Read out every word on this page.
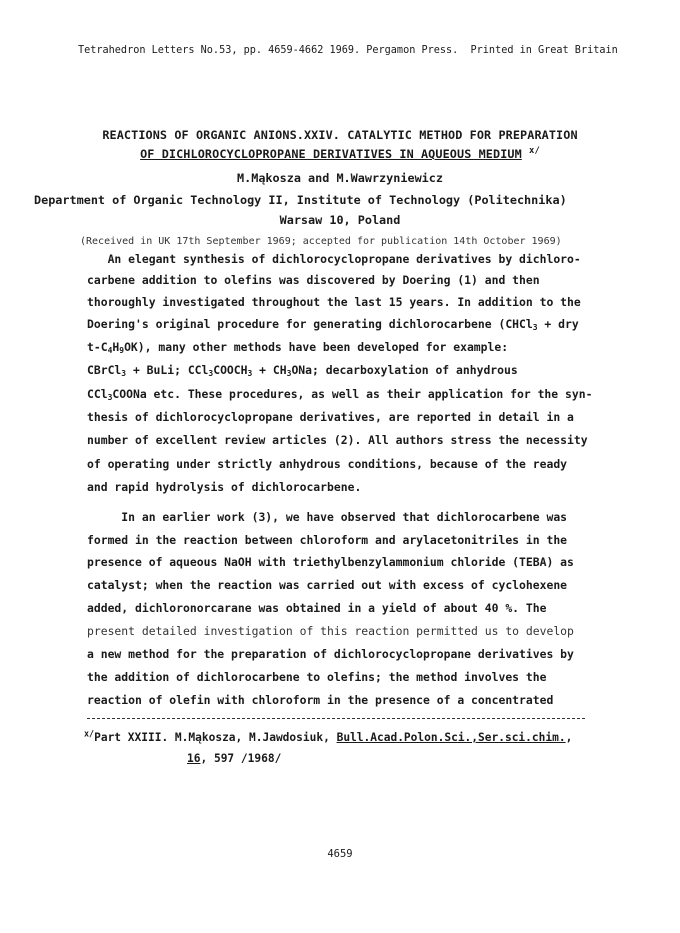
Tetrahedron Letters No.53, pp. 4659-4662 1969. Pergamon Press.  Printed in Great Britain
REACTIONS OF ORGANIC ANIONS.XXIV. CATALYTIC METHOD FOR PREPARATION
OF DICHLOROCYCLOPROPANE DERIVATIVES IN AQUEOUS MEDIUM $^{x/}$
M.Mąkosza and M.Wawrzyniewicz
Department of Organic Technology II, Institute of Technology (Politechnika)
Warsaw 10, Poland
(Received in UK 17th September 1969; accepted for publication 14th October 1969)
An elegant synthesis of dichlorocyclopropane derivatives by dichloro-
carbene addition to olefins was discovered by Doering (1) and then
thoroughly investigated throughout the last 15 years. In addition to the
Doering's original procedure for generating dichlorocarbene (CHCl$_3$ + dry
$t-C_4H_9OK$), many other methods have been developed for example:
CBrCl$_3$ + BuLi; $CCl_3COOCH_3 + CH_3ONa$; decarboxylation of anhydrous
CCl$_3$COONa etc. These procedures, as well as their application for the syn-
thesis of dichlorocyclopropane derivatives, are reported in detail in a
number of excellent review articles (2). All authors stress the necessity
of operating under strictly anhydrous conditions, because of the ready
and rapid hydrolysis of dichlorocarbene.
In an earlier work (3), we have observed that dichlorocarbene was
formed in the reaction between chloroform and arylacetonitriles in the
presence of aqueous NaOH with triethylbenzylammonium chloride (TEBA) as
catalyst; when the reaction was carried out with excess of cyclohexene
added, dichloronorcarane was obtained in a yield of about 40 %. The
present detailed investigation of this reaction permitted us to develop
a new method for the preparation of dichlorocyclopropane derivatives by
the addition of dichlorocarbene to olefins; the method involves the
reaction of olefin with chloroform in the presence of a concentrated
$^{x/}$Part XXIII. M.Mąkosza, M.Jawdosiuk, Bull.Acad.Polon.Sci.,Ser.sci.chim.,
16, 597 /1968/
4659
